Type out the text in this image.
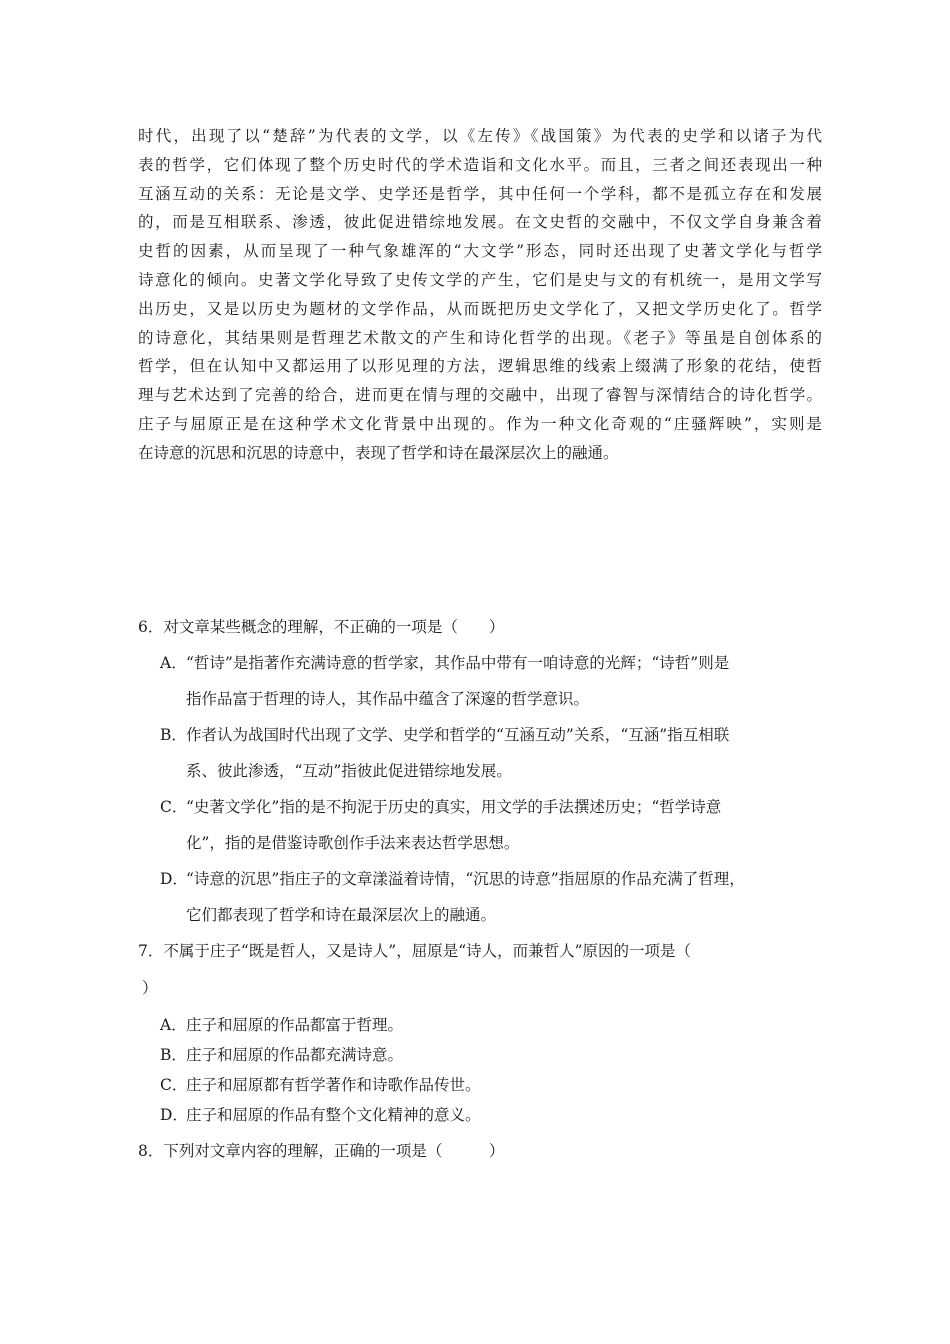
时代，出现了以“楚辞”为代表的文学，以《左传》《战国策》为代表的史学和以诸子为代
表的哲学，它们体现了整个历史时代的学术造诣和文化水平。而且，三者之间还表现出一种
互涵互动的关系：无论是文学、史学还是哲学，其中任何一个学科，都不是孤立存在和发展
的，而是互相联系、渗透，彼此促进错综地发展。在文史哲的交融中，不仅文学自身兼含着
史哲的因素，从而呈现了一种气象雄浑的“大文学”形态，同时还出现了史著文学化与哲学
诗意化的倾向。史著文学化导致了史传文学的产生，它们是史与文的有机统一，是用文学写
出历史，又是以历史为题材的文学作品，从而既把历史文学化了，又把文学历史化了。哲学
的诗意化，其结果则是哲理艺术散文的产生和诗化哲学的出现。《老子》等虽是自创体系的
哲学，但在认知中又都运用了以形见理的方法，逻辑思维的线索上缀满了形象的花结，使哲
理与艺术达到了完善的给合，进而更在情与理的交融中，出现了睿智与深情结合的诗化哲学。
庄子与屈原正是在这种学术文化背景中出现的。作为一种文化奇观的“庄骚辉映”，实则是
在诗意的沉思和沉思的诗意中，表现了哲学和诗在最深层次上的融通。

6．对文章某些概念的理解，不正确的一项是（　　）
A．“哲诗”是指著作充满诗意的哲学家，其作品中带有一咱诗意的光辉；“诗哲”则是
指作品富于哲理的诗人，其作品中蕴含了深邃的哲学意识。
B．作者认为战国时代出现了文学、史学和哲学的“互涵互动”关系，“互涵”指互相联
系、彼此渗透，“互动”指彼此促进错综地发展。
C．“史著文学化”指的是不拘泥于历史的真实，用文学的手法撰述历史；“哲学诗意
化”，指的是借鉴诗歌创作手法来表达哲学思想。
D．“诗意的沉思”指庄子的文章漾溢着诗情，“沉思的诗意”指屈原的作品充满了哲理，
它们都表现了哲学和诗在最深层次上的融通。
7．不属于庄子“既是哲人，又是诗人”，屈原是“诗人，而兼哲人”原因的一项是（
）
A．庄子和屈原的作品都富于哲理。
B．庄子和屈原的作品都充满诗意。
C．庄子和屈原都有哲学著作和诗歌作品传世。
D．庄子和屈原的作品有整个文化精神的意义。
8．下列对文章内容的理解，正确的一项是（　　　）
